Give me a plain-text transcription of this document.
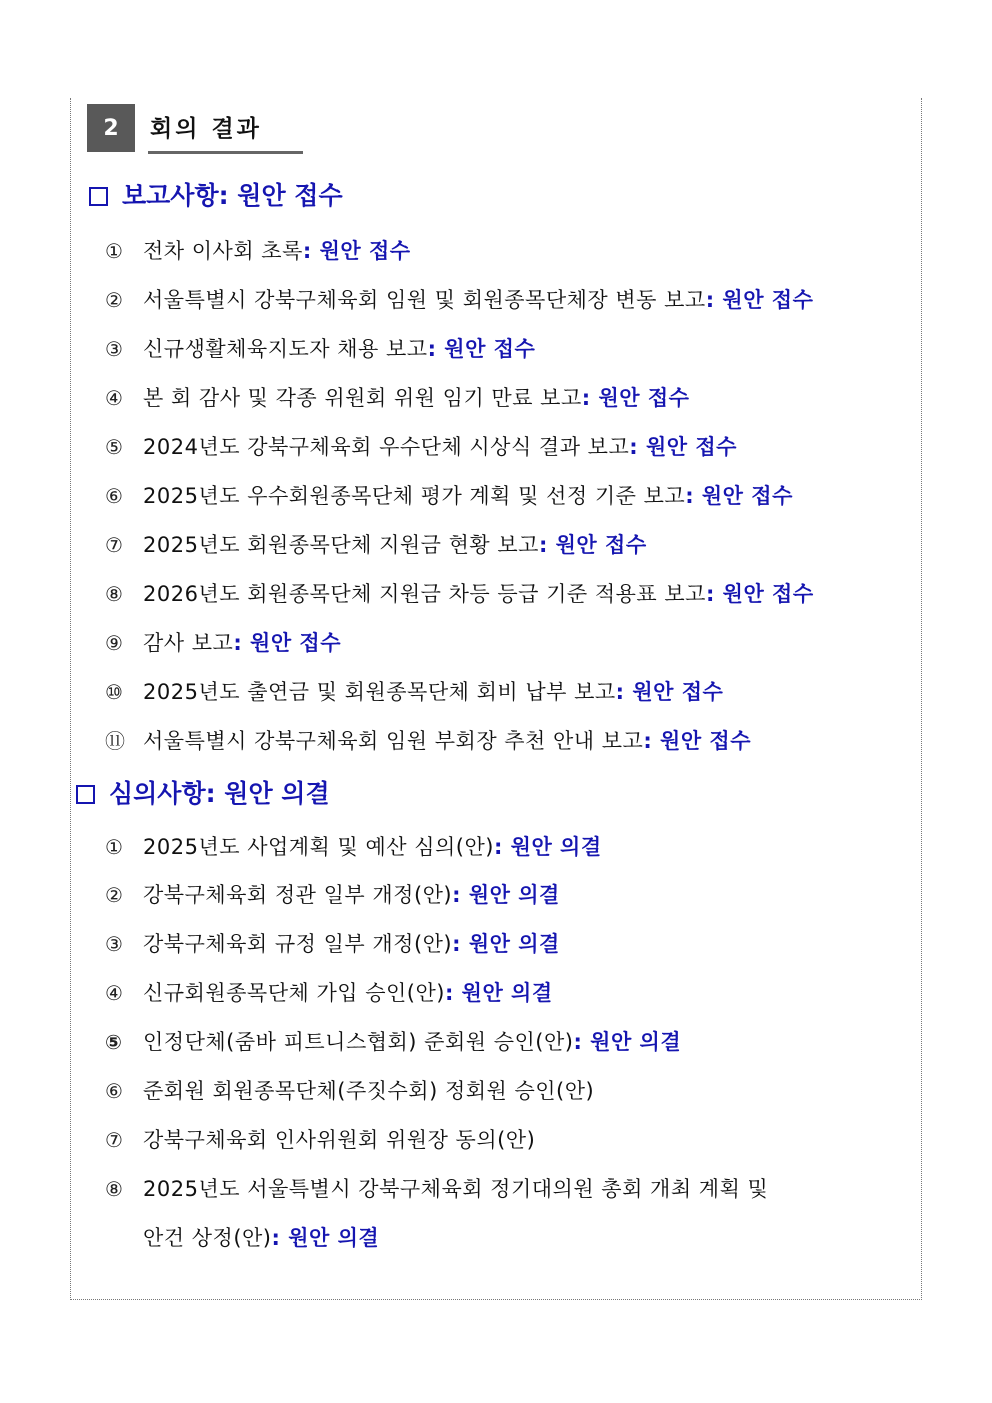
2	회의 결과
보고사항: 원안 접수
① 전차 이사회 초록: 원안 접수
② 서울특별시 강북구체육회 임원 및 회원종목단체장 변동 보고: 원안 접수
③ 신규생활체육지도자 채용 보고: 원안 접수
④ 본 회 감사 및 각종 위원회 위원 임기 만료 보고: 원안 접수
⑤ 2024년도 강북구체육회 우수단체 시상식 결과 보고: 원안 접수
⑥ 2025년도 우수회원종목단체 평가 계획 및 선정 기준 보고: 원안 접수
⑦ 2025년도 회원종목단체 지원금 현황 보고: 원안 접수
⑧ 2026년도 회원종목단체 지원금 차등 등급 기준 적용표 보고: 원안 접수
⑨ 감사 보고: 원안 접수
⑩ 2025년도 출연금 및 회원종목단체 회비 납부 보고: 원안 접수
⑪ 서울특별시 강북구체육회 임원 부회장 추천 안내 보고: 원안 접수
심의사항: 원안 의결
① 2025년도 사업계획 및 예산 심의(안): 원안 의결
② 강북구체육회 정관 일부 개정(안): 원안 의결
③ 강북구체육회 규정 일부 개정(안): 원안 의결
④ 신규회원종목단체 가입 승인(안): 원안 의결
⑤ 인정단체(줌바 피트니스협회) 준회원 승인(안): 원안 의결
⑥ 준회원 회원종목단체(주짓수회) 정회원 승인(안)
⑦ 강북구체육회 인사위원회 위원장 동의(안)
⑧ 2025년도 서울특별시 강북구체육회 정기대의원 총회 개최 계획 및
안건 상정(안): 원안 의결
